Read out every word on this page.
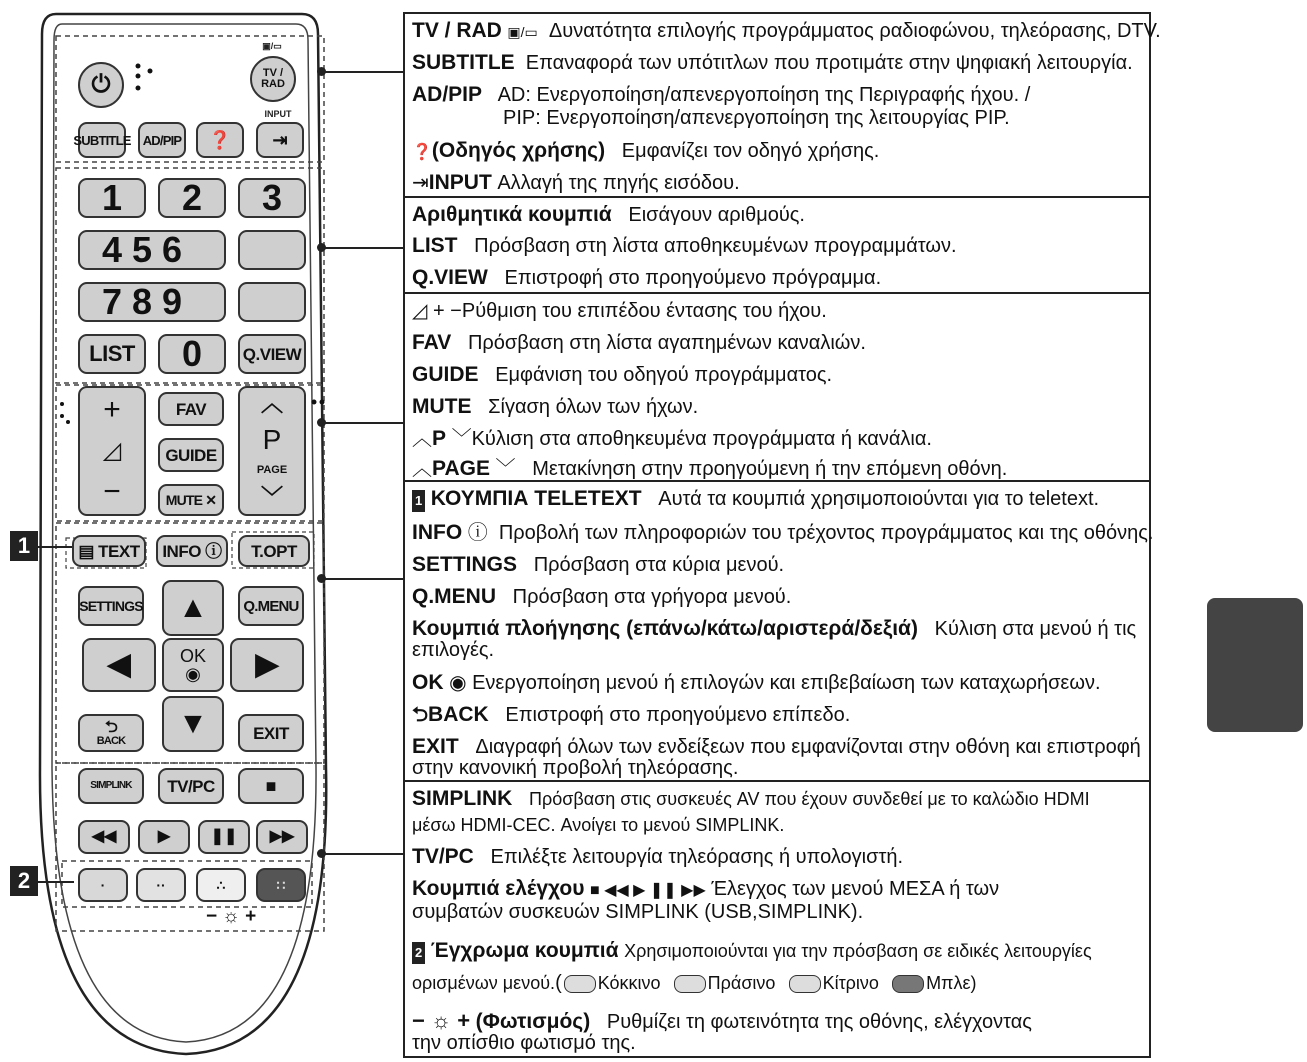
⏻
▣/▭
TV / RAD
SUBTITLE AD/PIP ❓
INPUT
⇥
1	2	3
4 5 6
7 8 9
LIST	0	Q.VIEW
+
◿
−
FAV
GUIDE
MUTE ✕
︿
P
PAGE
﹀
▤ TEXT INFO ⓘ	T.OPT
SETTINGS	Q.MENU
▲
◀	OK
◉ ▶
▼
⮌
BACK	EXIT
SIMPLINK	TV/PC	■
◀◀	▶	❚❚ ▶▶
·	··	∴	∷
− ☼ +
1
2
TV / RAD ▣/▭ Δυνατότητα επιλογής προγράμματος ραδιοφώνου, τηλεόρασης, DTV.
SUBTITLE Επαναφορά των υπότιτλων που προτιμάτε στην ψηφιακή λειτουργία.
AD/PIP AD: Ενεργοποίηση/απενεργοποίηση της Περιγραφής ήχου. /
PIP: Ενεργοποίηση/απενεργοποίηση της λειτουργίας PIP.
❓(Οδηγός χρήσης) Εμφανίζει τον οδηγό χρήσης.
⇥INPUT Αλλαγή της πηγής εισόδου.
Αριθμητικά κουμπιά Εισάγουν αριθμούς.
LIST Πρόσβαση στη λίστα αποθηκευμένων προγραμμάτων.
Q.VIEW Επιστροφή στο προηγούμενο πρόγραμμα.
◿ + −Ρύθμιση του επιπέδου έντασης του ήχου.
FAV Πρόσβαση στη λίστα αγαπημένων καναλιών.
GUIDE Εμφάνιση του οδηγού προγράμματος.
MUTE Σίγαση όλων των ήχων.
︿P ﹀Κύλιση στα αποθηκευμένα προγράμματα ή κανάλια.
︿PAGE ﹀ Μετακίνηση στην προηγούμενη ή την επόμενη οθόνη.
1 ΚΟΥΜΠΙΑ TELETEXT Αυτά τα κουμπιά χρησιμοποιούνται για το teletext.
INFO ⓘ Προβολή των πληροφοριών του τρέχοντος προγράμματος και της οθόνης.
SETTINGS Πρόσβαση στα κύρια μενού.
Q.MENU Πρόσβαση στα γρήγορα μενού.
Κουμπιά πλοήγησης (επάνω/κάτω/αριστερά/δεξιά) Κύλιση στα μενού ή τις
επιλογές.
OK ◉ Ενεργοποίηση μενού ή επιλογών και επιβεβαίωση των καταχωρήσεων.
⮌BACK Επιστροφή στο προηγούμενο επίπεδο.
EXIT Διαγραφή όλων των ενδείξεων που εμφανίζονται στην οθόνη και επιστροφή
στην κανονική προβολή τηλεόρασης.
SIMPLINK Πρόσβαση στις συσκευές AV που έχουν συνδεθεί με το καλώδιο HDMI
μέσω HDMI-CEC. Ανοίγει το μενού SIMPLINK.
TV/PC Επιλέξτε λειτουργία τηλεόρασης ή υπολογιστή.
Κουμπιά ελέγχου ■ ◀◀ ▶ ❚❚ ▶▶ Έλεγχος των μενού ΜΕΣΑ ή των
συμβατών συσκευών SIMPLINK (USB,SIMPLINK).
2 Έγχρωμα κουμπιά Χρησιμοποιούνται για την πρόσβαση σε ειδικές λειτουργίες
ορισμένων μενού.( Κόκκινο	Πράσινο	Κίτρινο	Μπλε)
− ☼ + (Φωτισμός) Ρυθμίζει τη φωτεινότητα της οθόνης, ελέγχοντας
την οπίσθιο φωτισμό της.
ΕΛΛ
